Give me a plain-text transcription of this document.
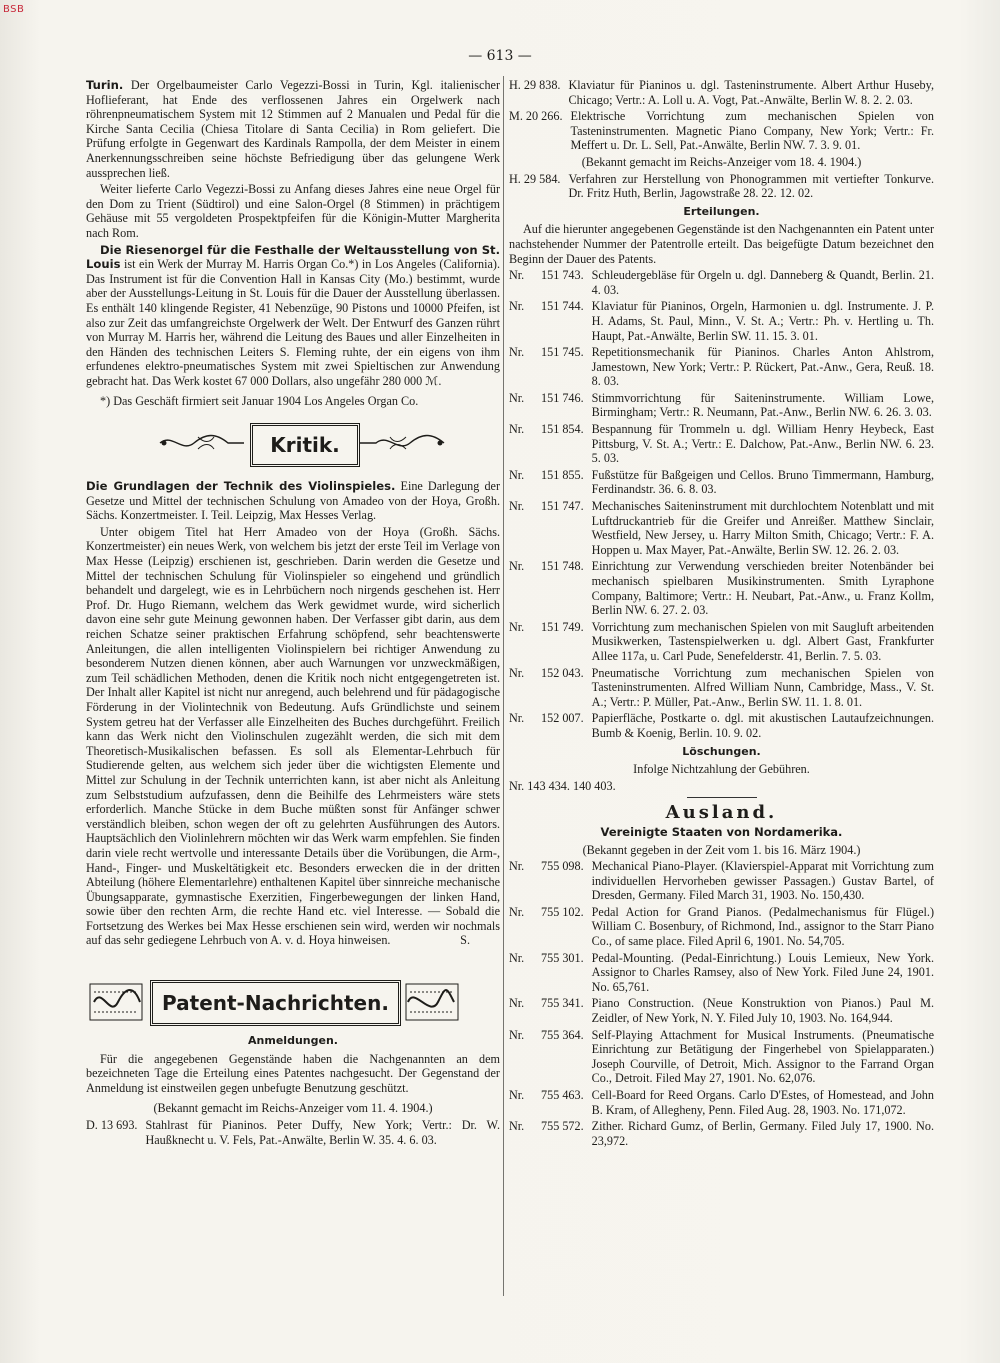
BSB
— 613 —

Turin. Der Orgelbaumeister Carlo Vegezzi-Bossi in Turin, Kgl. italienischer Hoflieferant, hat Ende des verflossenen Jahres ein Orgelwerk nach röhrenpneumatischem System mit 12 Stimmen auf 2 Manualen und Pedal für die Kirche Santa Cecilia (Chiesa Titolare di Santa Cecilia) in Rom geliefert. Die Prüfung erfolgte in Gegenwart des Kardinals Rampolla, der dem Meister in einem Anerkennungsschreiben seine höchste Befriedigung über das gelungene Werk aussprechen ließ.

Weiter lieferte Carlo Vegezzi-Bossi zu Anfang dieses Jahres eine neue Orgel für den Dom zu Trient (Südtirol) und eine Salon-Orgel (8 Stimmen) in prächtigem Gehäuse mit 55 vergoldeten Prospektpfeifen für die Königin-Mutter Margherita nach Rom.

Die Riesenorgel für die Festhalle der Weltausstellung von St. Louis ist ein Werk der Murray M. Harris Organ Co.*) in Los Angeles (California). Das Instrument ist für die Convention Hall in Kansas City (Mo.) bestimmt, wurde aber der Ausstellungs-Leitung in St. Louis für die Dauer der Ausstellung überlassen. Es enthält 140 klingende Register, 41 Nebenzüge, 90 Pistons und 10000 Pfeifen, ist also zur Zeit das umfangreichste Orgelwerk der Welt. Der Entwurf des Ganzen rührt von Murray M. Harris her, während die Leitung des Baues und aller Einzelheiten in den Händen des technischen Leiters S. Fleming ruhte, der ein eigens von ihm erfundenes elektro-pneumatisches System mit zwei Spieltischen zur Anwendung gebracht hat. Das Werk kostet 67 000 Dollars, also ungefähr 280 000 ℳ.

*) Das Geschäft firmiert seit Januar 1904 Los Angeles Organ Co.

Kritik.

Die Grundlagen der Technik des Violinspieles. Eine Darlegung der Gesetze und Mittel der technischen Schulung von Amadeo von der Hoya, Großh. Sächs. Konzertmeister. I. Teil. Leipzig, Max Hesses Verlag.

Unter obigem Titel hat Herr Amadeo von der Hoya (Großh. Sächs. Konzertmeister) ein neues Werk, von welchem bis jetzt der erste Teil im Verlage von Max Hesse (Leipzig) erschienen ist, geschrieben. Darin werden die Gesetze und Mittel der technischen Schulung für Violinspieler so eingehend und gründlich behandelt und dargelegt, wie es in Lehrbüchern noch nirgends geschehen ist. Herr Prof. Dr. Hugo Riemann, welchem das Werk gewidmet wurde, wird sicherlich davon eine sehr gute Meinung gewonnen haben. Der Verfasser gibt darin, aus dem reichen Schatze seiner praktischen Erfahrung schöpfend, sehr beachtenswerte Anleitungen, die allen intelligenten Violinspielern bei richtiger Anwendung zu besonderem Nutzen dienen können, aber auch Warnungen vor unzweckmäßigen, zum Teil schädlichen Methoden, denen die Kritik noch nicht entgegengetreten ist. Der Inhalt aller Kapitel ist nicht nur anregend, auch belehrend und für pädagogische Förderung in der Violintechnik von Bedeutung. Aufs Gründlichste und seinem System getreu hat der Verfasser alle Einzelheiten des Buches durchgeführt. Freilich kann das Werk nicht den Violinschulen zugezählt werden, die sich mit dem Theoretisch-Musikalischen befassen. Es soll als Elementar-Lehrbuch für Studierende gelten, aus welchem sich jeder über die wichtigsten Elemente und Mittel zur Schulung in der Technik unterrichten kann, ist aber nicht als Anleitung zum Selbststudium aufzufassen, denn die Beihilfe des Lehrmeisters wäre stets erforderlich. Manche Stücke in dem Buche müßten sonst für Anfänger schwer verständlich bleiben, schon wegen der oft zu gelehrten Ausführungen des Autors. Hauptsächlich den Violinlehrern möchten wir das Werk warm empfehlen. Sie finden darin viele recht wertvolle und interessante Details über die Vorübungen, die Arm-, Hand-, Finger- und Muskeltätigkeit etc. Besonders erwecken die in der dritten Abteilung (höhere Elementarlehre) enthaltenen Kapitel über sinnreiche mechanische Übungsapparate, gymnastische Exerzitien, Fingerbewegungen der linken Hand, sowie über den rechten Arm, die rechte Hand etc. viel Interesse. — Sobald die Fortsetzung des Werkes bei Max Hesse erschienen sein wird, werden wir nochmals auf das sehr gediegene Lehrbuch von A. v. d. Hoya hinweisen.	S.

Patent-Nachrichten.
Anmeldungen.

Für die angegebenen Gegenstände haben die Nachgenannten an dem bezeichneten Tage die Erteilung eines Patentes nachgesucht. Der Gegenstand der Anmeldung ist einstweilen gegen unbefugte Benutzung geschützt.

(Bekannt gemacht im Reichs-Anzeiger vom 11. 4. 1904.)

D. 13 693. Stahlrast für Pianinos. Peter Duffy, New York; Vertr.: Dr. W. Haußknecht u. V. Fels, Pat.-Anwälte, Berlin W. 35. 4. 6. 03.
H. 29 838. Klaviatur für Pianinos u. dgl. Tasteninstrumente. Albert Arthur Huseby, Chicago; Vertr.: A. Loll u. A. Vogt, Pat.-Anwälte, Berlin W. 8. 2. 2. 03.
M. 20 266. Elektrische Vorrichtung zum mechanischen Spielen von Tasteninstrumenten. Magnetic Piano Company, New York; Vertr.: Fr. Meffert u. Dr. L. Sell, Pat.-Anwälte, Berlin NW. 7. 3. 9. 01.

(Bekannt gemacht im Reichs-Anzeiger vom 18. 4. 1904.)

H. 29 584. Verfahren zur Herstellung von Phonogrammen mit vertiefter Tonkurve. Dr. Fritz Huth, Berlin, Jagowstraße 28. 22. 12. 02.
Erteilungen.

Auf die hierunter angegebenen Gegenstände ist den Nachgenannten ein Patent unter nachstehender Nummer der Patentrolle erteilt. Das beigefügte Datum bezeichnet den Beginn der Dauer des Patents.

Nr.	151 743. Schleudergebläse für Orgeln u. dgl. Danneberg & Quandt, Berlin. 21. 4. 03.
Nr.	151 744. Klaviatur für Pianinos, Orgeln, Harmonien u. dgl. Instrumente. J. P. H. Adams, St. Paul, Minn., V. St. A.; Vertr.: Ph. v. Hertling u. Th. Haupt, Pat.-Anwälte, Berlin SW. 11. 15. 3. 01.
Nr.	151 745. Repetitionsmechanik für Pianinos. Charles Anton Ahlstrom, Jamestown, New York; Vertr.: P. Rückert, Pat.-Anw., Gera, Reuß. 18. 8. 03.
Nr.	151 746. Stimmvorrichtung für Saiteninstrumente. William Lowe, Birmingham; Vertr.: R. Neumann, Pat.-Anw., Berlin NW. 6. 26. 3. 03.
Nr.	151 854. Bespannung für Trommeln u. dgl. William Henry Heybeck, East Pittsburg, V. St. A.; Vertr.: E. Dalchow, Pat.-Anw., Berlin NW. 6. 23. 5. 03.
Nr.	151 855. Fußstütze für Baßgeigen und Cellos. Bruno Timmermann, Hamburg, Ferdinandstr. 36. 6. 8. 03.
Nr.	151 747. Mechanisches Saiteninstrument mit durchlochtem Notenblatt und mit Luftdruckantrieb für die Greifer und Anreißer. Matthew Sinclair, Westfield, New Jersey, u. Harry Milton Smith, Chicago; Vertr.: F. A. Hoppen u. Max Mayer, Pat.-Anwälte, Berlin SW. 12. 26. 2. 03.
Nr.	151 748. Einrichtung zur Verwendung verschieden breiter Notenbänder bei mechanisch spielbaren Musikinstrumenten. Smith Lyraphone Company, Baltimore; Vertr.: H. Neubart, Pat.-Anw., u. Franz Kollm, Berlin NW. 6. 27. 2. 03.
Nr.	151 749. Vorrichtung zum mechanischen Spielen von mit Saugluft arbeitenden Musikwerken, Tastenspielwerken u. dgl. Albert Gast, Frankfurter Allee 117a, u. Carl Pude, Senefelderstr. 41, Berlin. 7. 5. 03.
Nr.	152 043. Pneumatische Vorrichtung zum mechanischen Spielen von Tasteninstrumenten. Alfred William Nunn, Cambridge, Mass., V. St. A.; Vertr.: P. Müller, Pat.-Anw., Berlin SW. 11. 1. 8. 01.
Nr.	152 007. Papierfläche, Postkarte o. dgl. mit akustischen Lautaufzeichnungen. Bumb & Koenig, Berlin. 10. 9. 02.
Löschungen.

Infolge Nichtzahlung der Gebühren.

Nr. 143 434. 140 403.

Ausland.
Vereinigte Staaten von Nordamerika.

(Bekannt gegeben in der Zeit vom 1. bis 16. März 1904.)

Nr.	755 098. Mechanical Piano-Player. (Klavierspiel-Apparat mit Vorrichtung zum individuellen Hervorheben gewisser Passagen.) Gustav Bartel, of Dresden, Germany. Filed March 31, 1903. No. 150,430.
Nr.	755 102. Pedal Action for Grand Pianos. (Pedalmechanismus für Flügel.) William C. Bosenbury, of Richmond, Ind., assignor to the Starr Piano Co., of same place. Filed April 6, 1901. No. 54,705.
Nr.	755 301. Pedal-Mounting. (Pedal-Einrichtung.) Louis Lemieux, New York. Assignor to Charles Ramsey, also of New York. Filed June 24, 1901. No. 65,761.
Nr.	755 341. Piano Construction. (Neue Konstruktion von Pianos.) Paul M. Zeidler, of New York, N. Y. Filed July 10, 1903. No. 164,944.
Nr.	755 364. Self-Playing Attachment for Musical Instruments. (Pneumatische Einrichtung zur Betätigung der Fingerhebel von Spielapparaten.) Joseph Courville, of Detroit, Mich. Assignor to the Farrand Organ Co., Detroit. Filed May 27, 1901. No. 62,076.
Nr.	755 463. Cell-Board for Reed Organs. Carlo D'Estes, of Homestead, and John B. Kram, of Allegheny, Penn. Filed Aug. 28, 1903. No. 171,072.
Nr.	755 572. Zither. Richard Gumz, of Berlin, Germany. Filed July 17, 1900. No. 23,972.
